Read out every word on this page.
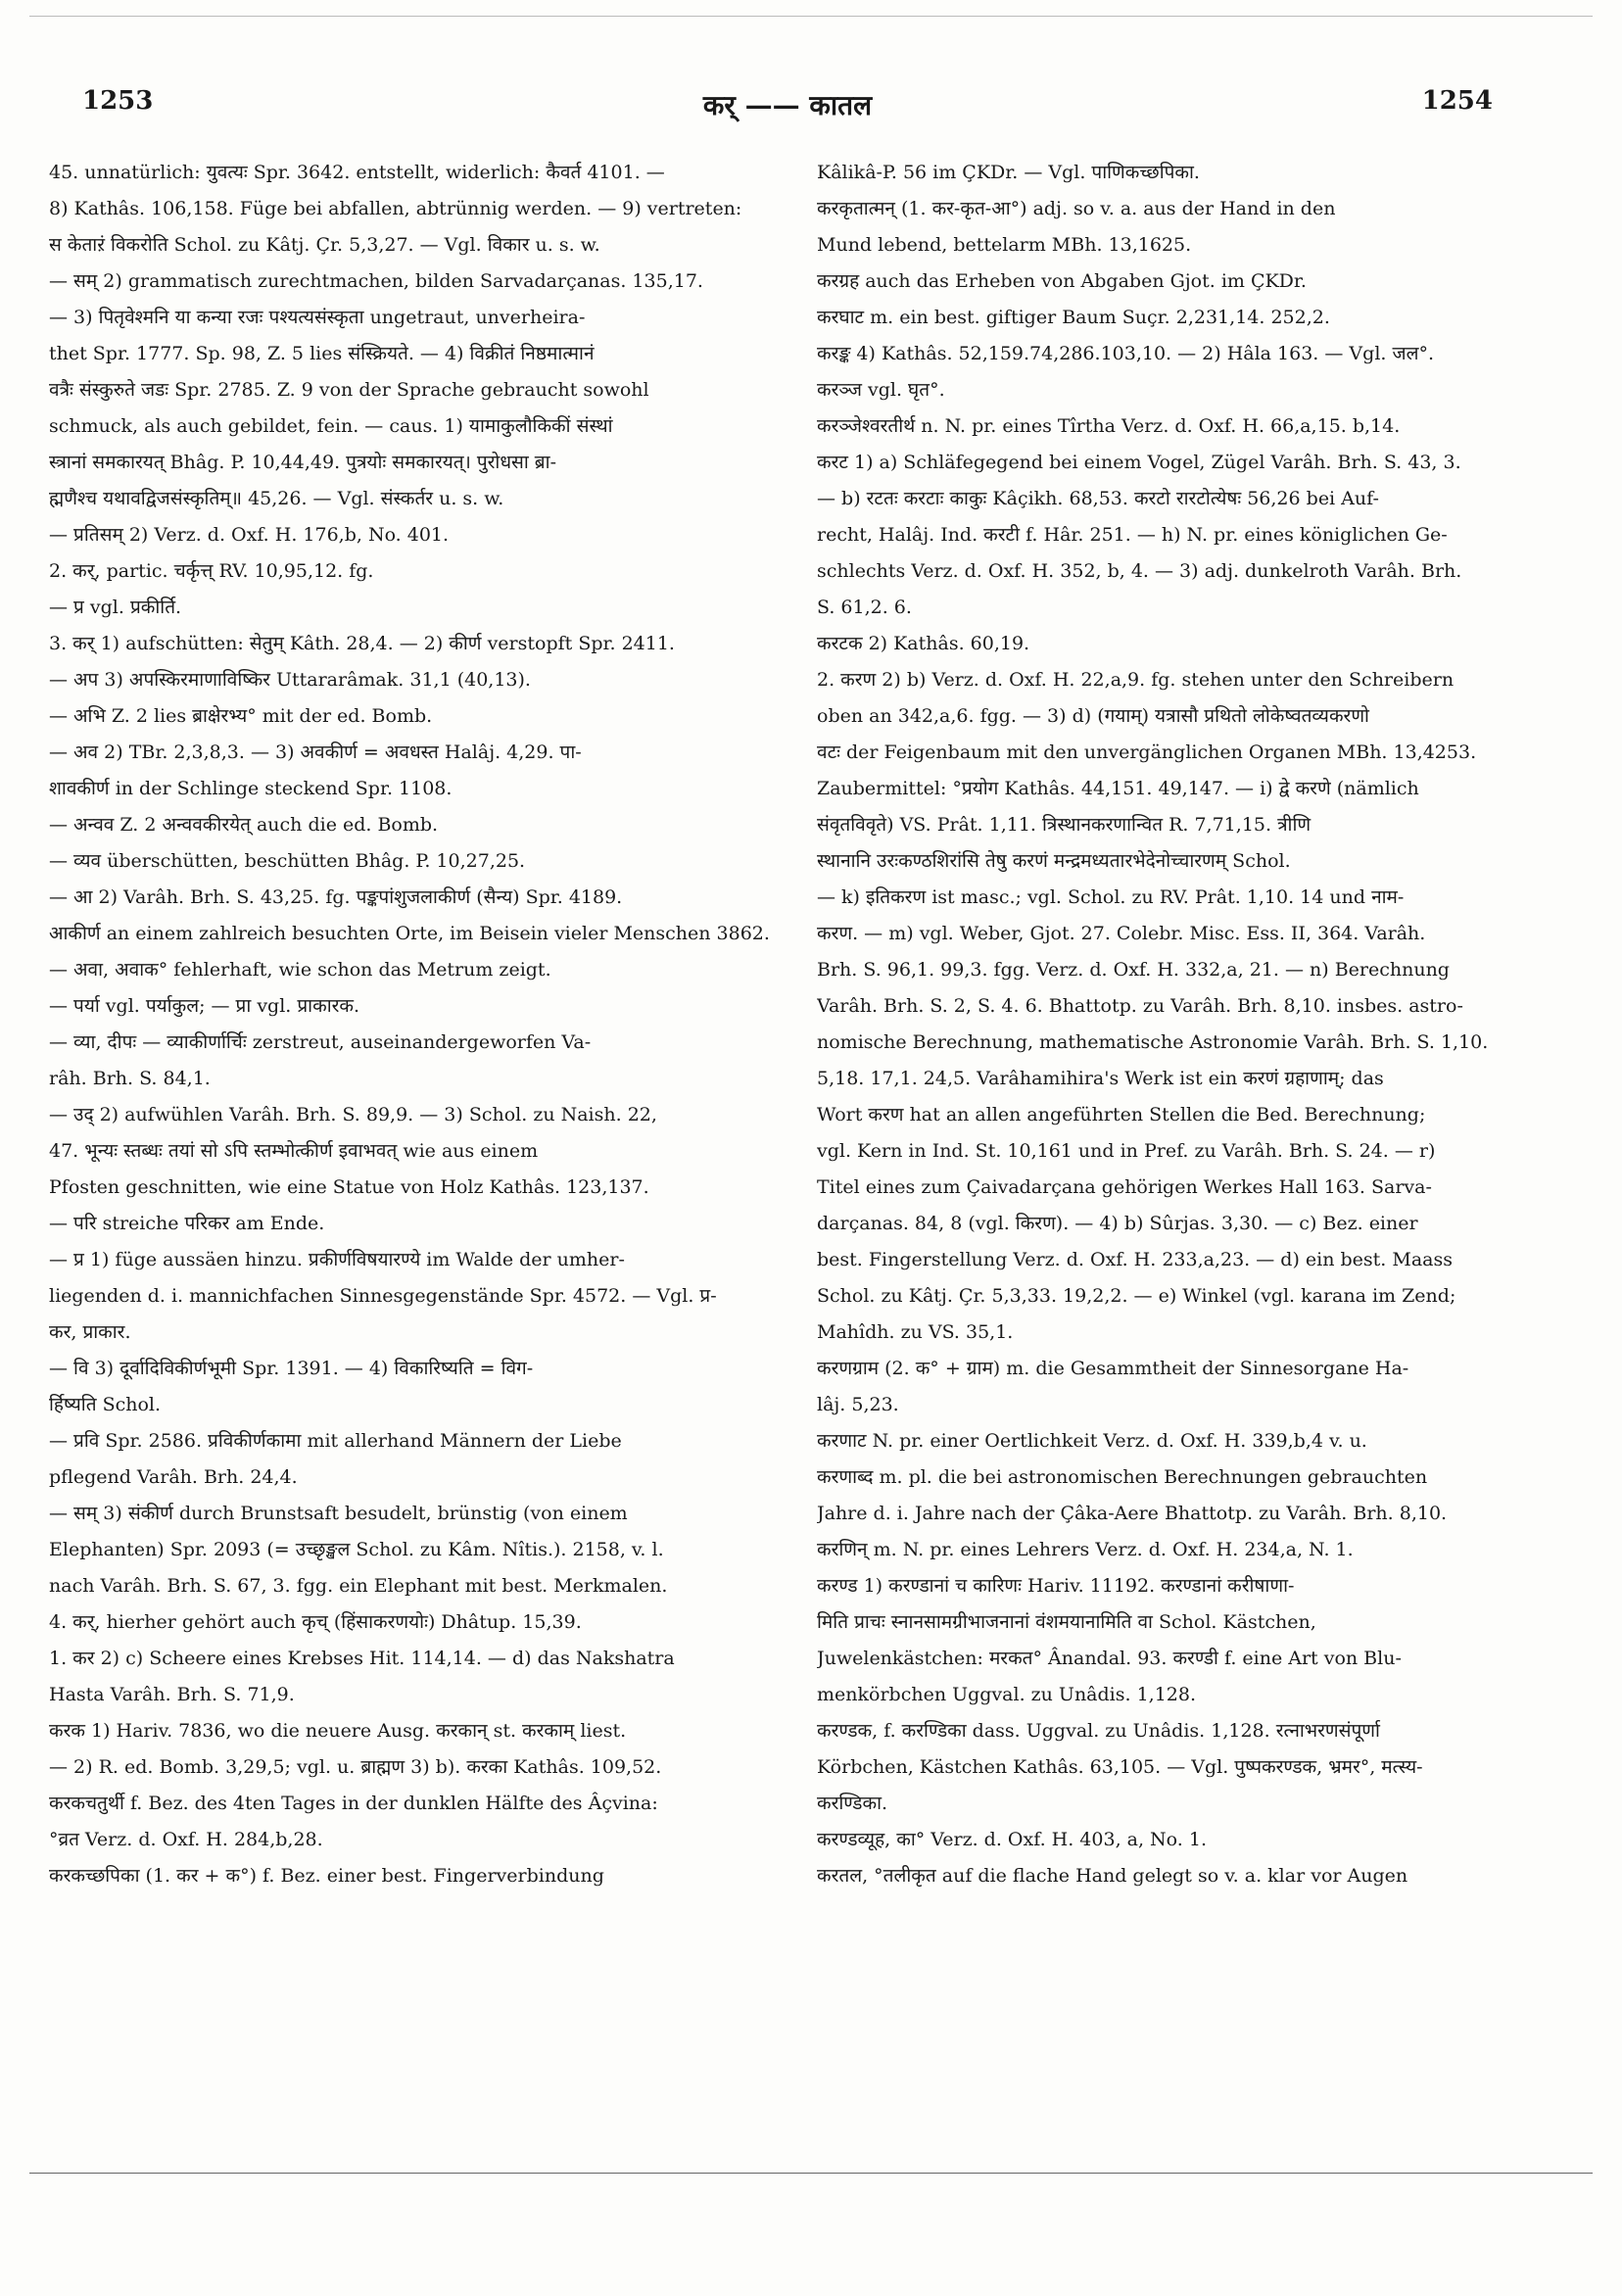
1253	कर् —— कातल	1254
45. unnatürlich: युवत्यः Spr. 3642. entstellt, widerlich: कैवर्त 4101. —
8) Kathâs. 106,158. Füge bei abfallen, abtrünnig werden. — 9) vertreten:
स केताऱं विकरोति Schol. zu Kâtj. Çr. 5,3,27. — Vgl. विकार u. s. w.
— सम् 2) grammatisch zurechtmachen, bilden Sarvadarçanas. 135,17.
— 3) पितृवेश्मनि या कन्या रजः पश्यत्यसंस्कृता ungetraut, unverheira-
thet Spr. 1777. Sp. 98, Z. 5 lies संस्क्रियते. — 4) विक्रीतं निष्ठमात्मानं
वत्रैः संस्कुरुते जडः Spr. 2785. Z. 9 von der Sprache gebraucht sowohl
schmuck, als auch gebildet, fein. — caus. 1) यामाकुलौकिकीं संस्थां
स्त्रानां समकारयत् Bhâg. P. 10,44,49. पुत्रयोः समकारयत्। पुरोधसा ब्रा-
ह्मणैश्च यथावद्विजसंस्कृतिम्॥ 45,26. — Vgl. संस्कर्तर u. s. w.
— प्रतिसम् 2) Verz. d. Oxf. H. 176,b, No. 401.
2. कर्, partic. चर्कृत्त् RV. 10,95,12. fg.
— प्र vgl. प्रकीर्ति.
3. कर् 1) aufschütten: सेतुम् Kâth. 28,4. — 2) कीर्ण verstopft Spr. 2411.
— अप 3) अपस्किरमाणाविष्किर Uttararâmak. 31,1 (40,13).
— अभि Z. 2 lies ब्राक्षेरभ्य° mit der ed. Bomb.
— अव 2) TBr. 2,3,8,3. — 3) अवकीर्ण = अवधस्त Halâj. 4,29. पा-
शावकीर्ण in der Schlinge steckend Spr. 1108.
— अन्वव Z. 2 अन्ववकीरयेत् auch die ed. Bomb.
— व्यव überschütten, beschütten Bhâg. P. 10,27,25.
— आ 2) Varâh. Brh. S. 43,25. fg. पङ्कपांशुजलाकीर्ण (सैन्य) Spr. 4189.
आकीर्ण an einem zahlreich besuchten Orte, im Beisein vieler Menschen 3862.
— अवा, अवाक° fehlerhaft, wie schon das Metrum zeigt.
— पर्या vgl. पर्याकुल; — प्रा vgl. प्राकारक.
— व्या, दीपः — व्याकीर्णार्चिः zerstreut, auseinandergeworfen Va-
râh. Brh. S. 84,1.
— उद् 2) aufwühlen Varâh. Brh. S. 89,9. — 3) Schol. zu Naish. 22,
47. भून्यः स्तब्धः तयां सो ऽपि स्तम्भोत्कीर्ण इवाभवत् wie aus einem
Pfosten geschnitten, wie eine Statue von Holz Kathâs. 123,137.
— परि streiche परिकर am Ende.
— प्र 1) füge aussäen hinzu. प्रकीर्णविषयारण्ये im Walde der umher-
liegenden d. i. mannichfachen Sinnesgegenstände Spr. 4572. — Vgl. प्र-
कर, प्राकार.
— वि 3) दूर्वादिविकीर्णभूमी Spr. 1391. — 4) विकारिष्यति = विग-
र्हिष्यति Schol.
— प्रवि Spr. 2586. प्रविकीर्णकामा mit allerhand Männern der Liebe
pflegend Varâh. Brh. 24,4.
— सम् 3) संकीर्ण durch Brunstsaft besudelt, brünstig (von einem
Elephanten) Spr. 2093 (= उच्छृङ्खल Schol. zu Kâm. Nîtis.). 2158, v. l.
nach Varâh. Brh. S. 67, 3. fgg. ein Elephant mit best. Merkmalen.
4. कर्, hierher gehört auch कृच् (हिंसाकरणयोः) Dhâtup. 15,39.
1. कर 2) c) Scheere eines Krebses Hit. 114,14. — d) das Nakshatra
Hasta Varâh. Brh. S. 71,9.
करक 1) Hariv. 7836, wo die neuere Ausg. करकान् st. करकाम् liest.
— 2) R. ed. Bomb. 3,29,5; vgl. u. ब्राह्मण 3) b). करका Kathâs. 109,52.
करकचतुर्थी f. Bez. des 4ten Tages in der dunklen Hälfte des Âçvina:
°व्रत Verz. d. Oxf. H. 284,b,28.
करकच्छपिका (1. कर + क°) f. Bez. einer best. Fingerverbindung
Kâlikâ-P. 56 im ÇKDr. — Vgl. पाणिकच्छपिका.
करकृतात्मन् (1. कर-कृत-आ°) adj. so v. a. aus der Hand in den
Mund lebend, bettelarm MBh. 13,1625.
करग्रह auch das Erheben von Abgaben Gjot. im ÇKDr.
करघाट m. ein best. giftiger Baum Suçr. 2,231,14. 252,2.
करङ्क 4) Kathâs. 52,159.74,286.103,10. — 2) Hâla 163. — Vgl. जल°.
करञ्ज vgl. घृत°.
करञ्जेश्वरतीर्थ n. N. pr. eines Tîrtha Verz. d. Oxf. H. 66,a,15. b,14.
करट 1) a) Schläfegegend bei einem Vogel, Zügel Varâh. Brh. S. 43, 3.
— b) रटतः करटाः काकुः Kâçikh. 68,53. करटो रारटोत्येषः 56,26 bei Auf-
recht, Halâj. Ind. करटी f. Hâr. 251. — h) N. pr. eines königlichen Ge-
schlechts Verz. d. Oxf. H. 352, b, 4. — 3) adj. dunkelroth Varâh. Brh.
S. 61,2. 6.
करटक 2) Kathâs. 60,19.
2. करण 2) b) Verz. d. Oxf. H. 22,a,9. fg. stehen unter den Schreibern
oben an 342,a,6. fgg. — 3) d) (गयाम्) यत्रासौ प्रथितो लोकेष्वतव्यकरणो
वटः der Feigenbaum mit den unvergänglichen Organen MBh. 13,4253.
Zaubermittel: °प्रयोग Kathâs. 44,151. 49,147. — i) द्वे करणे (nämlich
संवृतविवृते) VS. Prât. 1,11. त्रिस्थानकरणान्वित R. 7,71,15. त्रीणि
स्थानानि उरःकण्ठशिरांसि तेषु करणं मन्द्रमध्यतारभेदेनोच्चारणम् Schol.
— k) इतिकरण ist masc.; vgl. Schol. zu RV. Prât. 1,10. 14 und नाम-
करण. — m) vgl. Weber, Gjot. 27. Colebr. Misc. Ess. II, 364. Varâh.
Brh. S. 96,1. 99,3. fgg. Verz. d. Oxf. H. 332,a, 21. — n) Berechnung
Varâh. Brh. S. 2, S. 4. 6. Bhattotp. zu Varâh. Brh. 8,10. insbes. astro-
nomische Berechnung, mathematische Astronomie Varâh. Brh. S. 1,10.
5,18. 17,1. 24,5. Varâhamihira's Werk ist ein करणं ग्रहाणाम्; das
Wort करण hat an allen angeführten Stellen die Bed. Berechnung;
vgl. Kern in Ind. St. 10,161 und in Pref. zu Varâh. Brh. S. 24. — r)
Titel eines zum Çaivadarçana gehörigen Werkes Hall 163. Sarva-
darçanas. 84, 8 (vgl. किरण). — 4) b) Sûrjas. 3,30. — c) Bez. einer
best. Fingerstellung Verz. d. Oxf. H. 233,a,23. — d) ein best. Maass
Schol. zu Kâtj. Çr. 5,3,33. 19,2,2. — e) Winkel (vgl. karana im Zend;
Mahîdh. zu VS. 35,1.
करणग्राम (2. क° + ग्राम) m. die Gesammtheit der Sinnesorgane Ha-
lâj. 5,23.
करणाट N. pr. einer Oertlichkeit Verz. d. Oxf. H. 339,b,4 v. u.
करणाब्द m. pl. die bei astronomischen Berechnungen gebrauchten
Jahre d. i. Jahre nach der Çâka-Aere Bhattotp. zu Varâh. Brh. 8,10.
करणिन् m. N. pr. eines Lehrers Verz. d. Oxf. H. 234,a, N. 1.
करण्ड 1) करण्डानां च कारिणः Hariv. 11192. करण्डानां करीषाणा-
मिति प्राचः स्नानसामग्रीभाजनानां वंशमयानामिति वा Schol. Kästchen,
Juwelenkästchen: मरकत° Ânandal. 93. करण्डी f. eine Art von Blu-
menkörbchen Uggval. zu Unâdis. 1,128.
करण्डक, f. करण्डिका dass. Uggval. zu Unâdis. 1,128. रत्नाभरणसंपूर्णा
Körbchen, Kästchen Kathâs. 63,105. — Vgl. पुष्पकरण्डक, भ्रमर°, मत्स्य-
करण्डिका.
करण्डव्यूह, का° Verz. d. Oxf. H. 403, a, No. 1.
करतल, °तलीकृत auf die flache Hand gelegt so v. a. klar vor Augen
